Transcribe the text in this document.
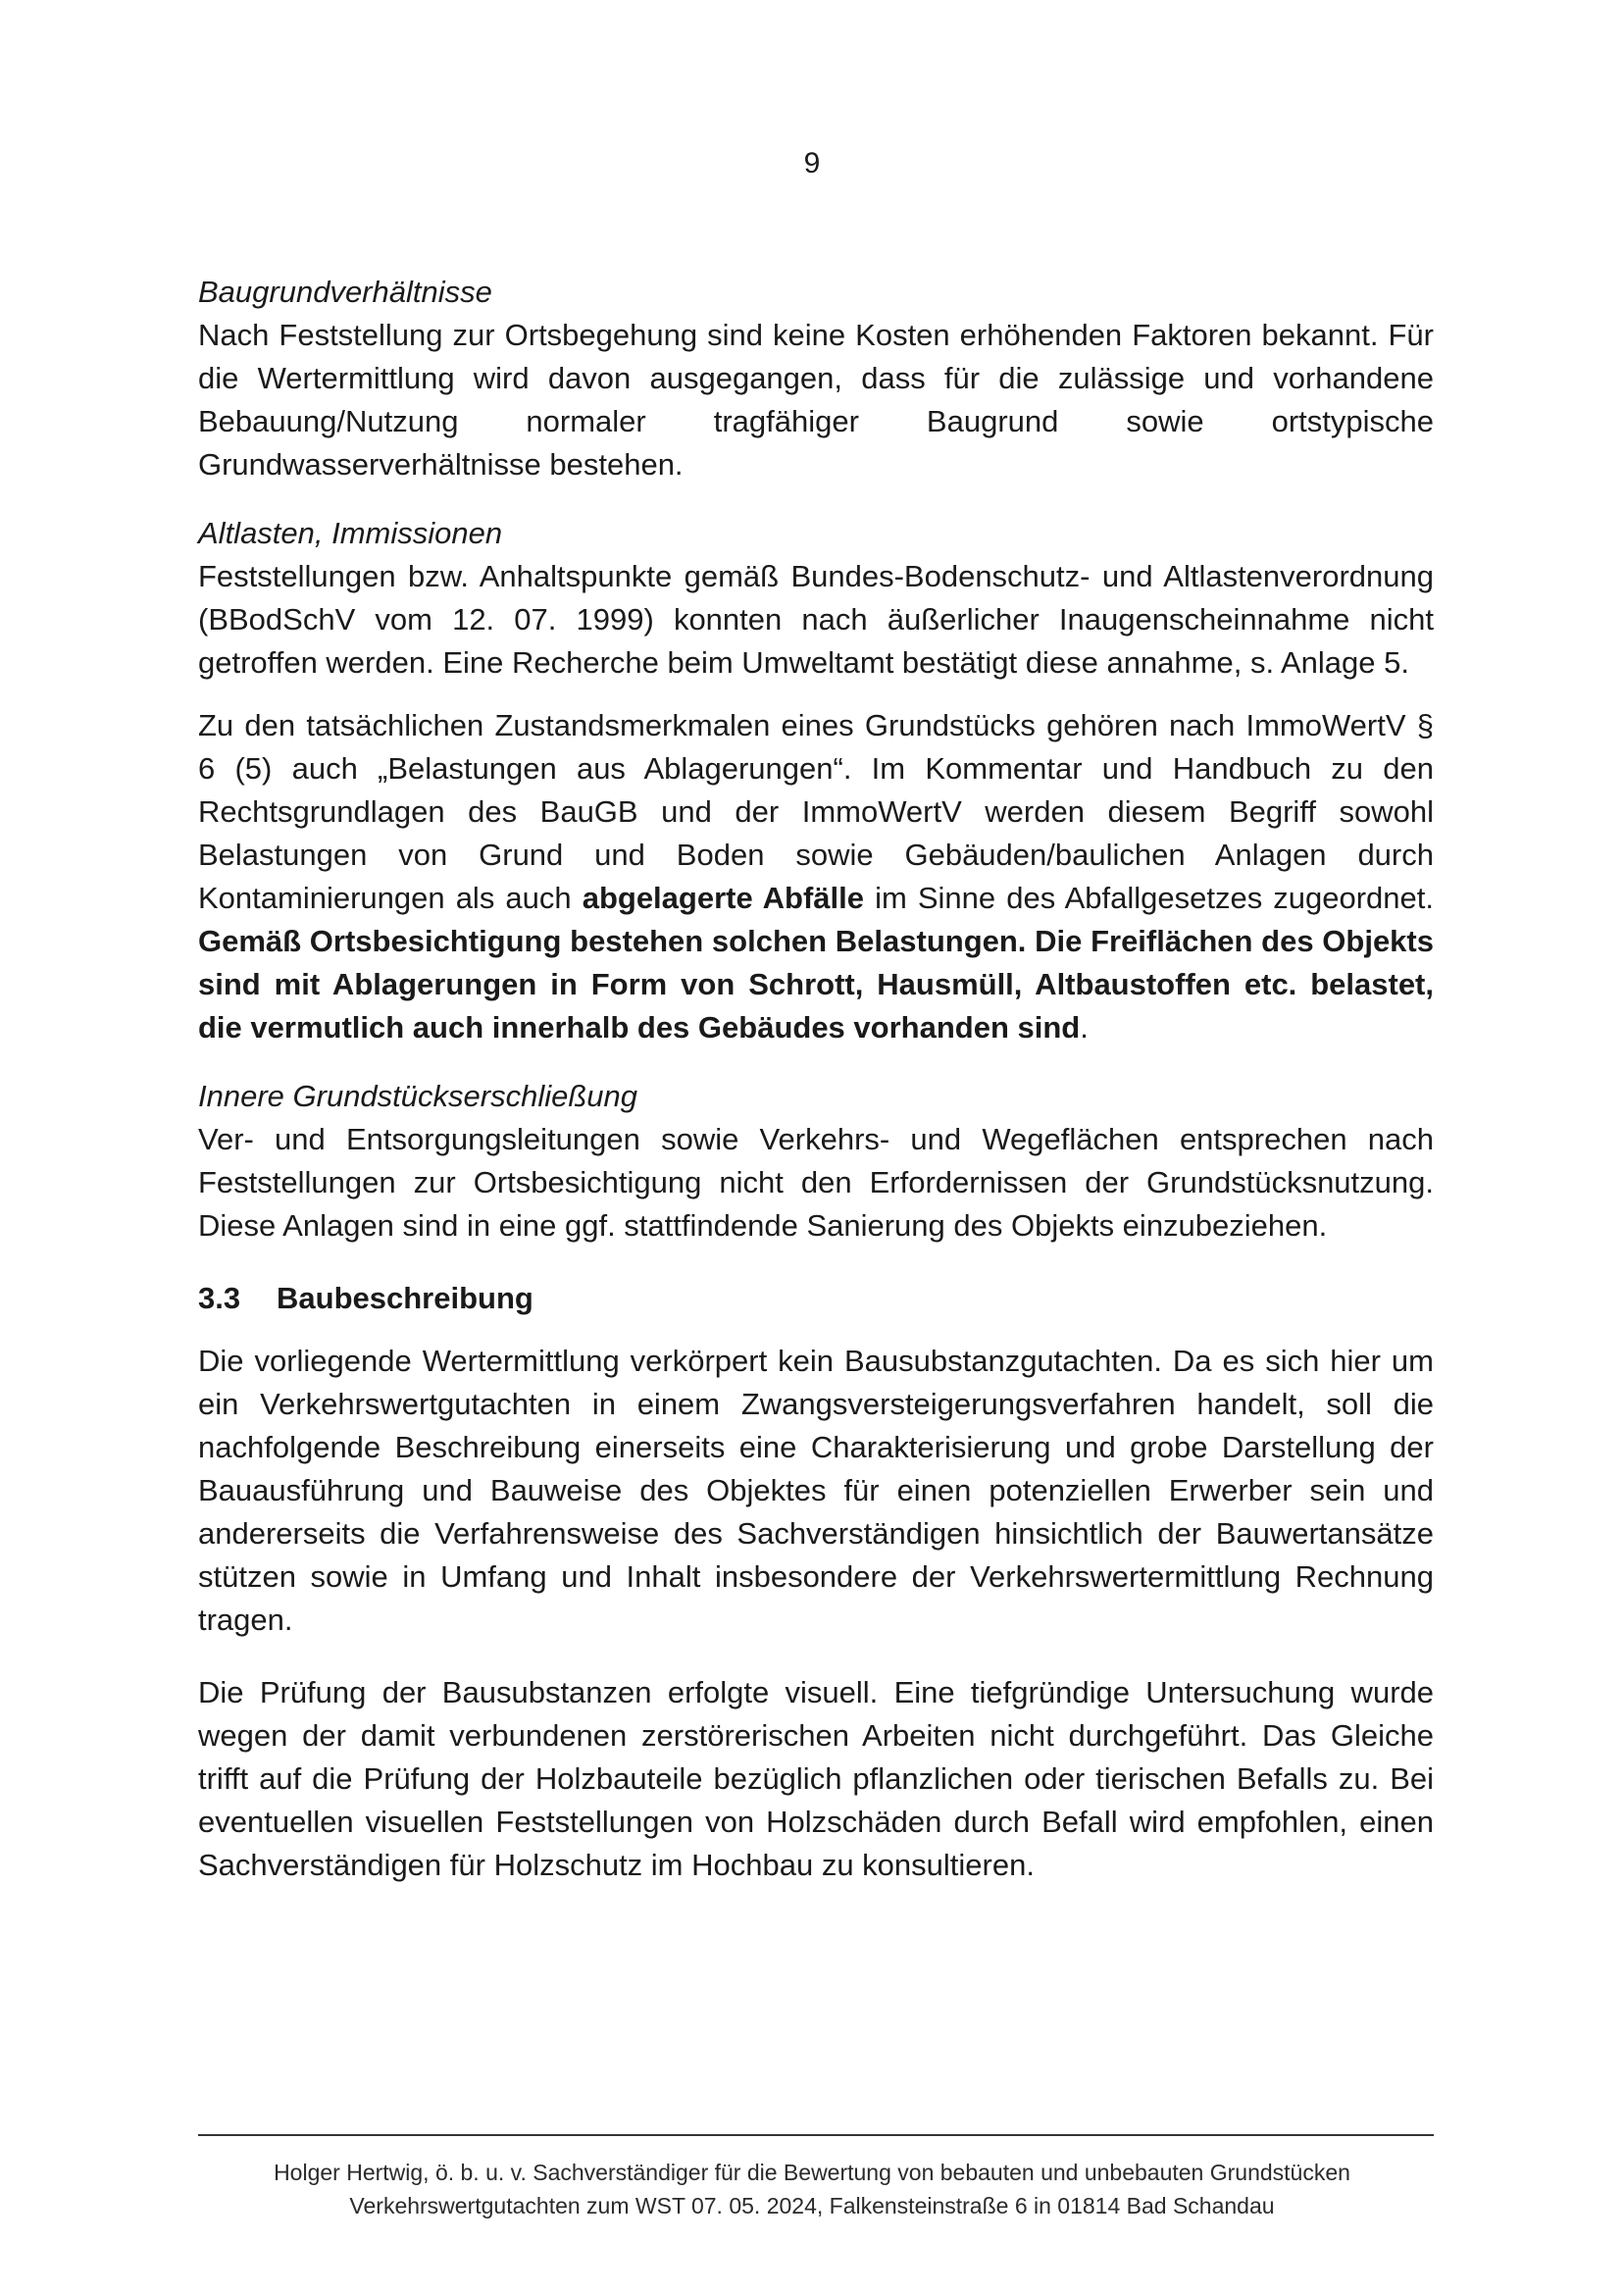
9

Baugrundverhältnisse

Nach Feststellung zur Ortsbegehung sind keine Kosten erhöhenden Faktoren bekannt. Für die Wertermittlung wird davon ausgegangen, dass für die zulässige und vorhandene Bebauung/Nutzung normaler tragfähiger Baugrund sowie ortstypische Grundwasserverhältnisse bestehen.

Altlasten, Immissionen

Feststellungen bzw. Anhaltspunkte gemäß Bundes-Bodenschutz- und Altlastenverordnung (BBodSchV vom 12. 07. 1999) konnten nach äußerlicher Inaugenscheinnahme nicht getroffen werden. Eine Recherche beim Umweltamt bestätigt diese annahme, s. Anlage 5.

Zu den tatsächlichen Zustandsmerkmalen eines Grundstücks gehören nach ImmoWertV § 6 (5) auch „Belastungen aus Ablagerungen“. Im Kommentar und Handbuch zu den Rechtsgrundlagen des BauGB und der ImmoWertV werden diesem Begriff sowohl Belastungen von Grund und Boden sowie Gebäuden/baulichen Anlagen durch Kontaminierungen als auch abgelagerte Abfälle im Sinne des Abfallgesetzes zugeordnet. Gemäß Ortsbesichtigung bestehen solchen Belastungen. Die Freiflächen des Objekts sind mit Ablagerungen in Form von Schrott, Hausmüll, Altbaustoffen etc. belastet, die vermutlich auch innerhalb des Gebäudes vorhanden sind.

Innere Grundstückserschließung

Ver- und Entsorgungsleitungen sowie Verkehrs- und Wegeflächen entsprechen nach Feststellungen zur Ortsbesichtigung nicht den Erfordernissen der Grundstücksnutzung. Diese Anlagen sind in eine ggf. stattfindende Sanierung des Objekts einzubeziehen.

3.3 Baubeschreibung

Die vorliegende Wertermittlung verkörpert kein Bausubstanzgutachten. Da es sich hier um ein Verkehrswertgutachten in einem Zwangsversteigerungsverfahren handelt, soll die nachfolgende Beschreibung einerseits eine Charakterisierung und grobe Darstellung der Bauausführung und Bauweise des Objektes für einen potenziellen Erwerber sein und andererseits die Verfahrensweise des Sachverständigen hinsichtlich der Bauwertansätze stützen sowie in Umfang und Inhalt insbesondere der Verkehrswertermittlung Rechnung tragen.

Die Prüfung der Bausubstanzen erfolgte visuell. Eine tiefgründige Untersuchung wurde wegen der damit verbundenen zerstörerischen Arbeiten nicht durchgeführt. Das Gleiche trifft auf die Prüfung der Holzbauteile bezüglich pflanzlichen oder tierischen Befalls zu. Bei eventuellen visuellen Feststellungen von Holzschäden durch Befall wird empfohlen, einen Sachverständigen für Holzschutz im Hochbau zu konsultieren.

Holger Hertwig, ö. b. u. v. Sachverständiger für die Bewertung von bebauten und unbebauten Grundstücken
Verkehrswertgutachten zum WST 07. 05. 2024, Falkensteinstraße 6 in 01814 Bad Schandau
